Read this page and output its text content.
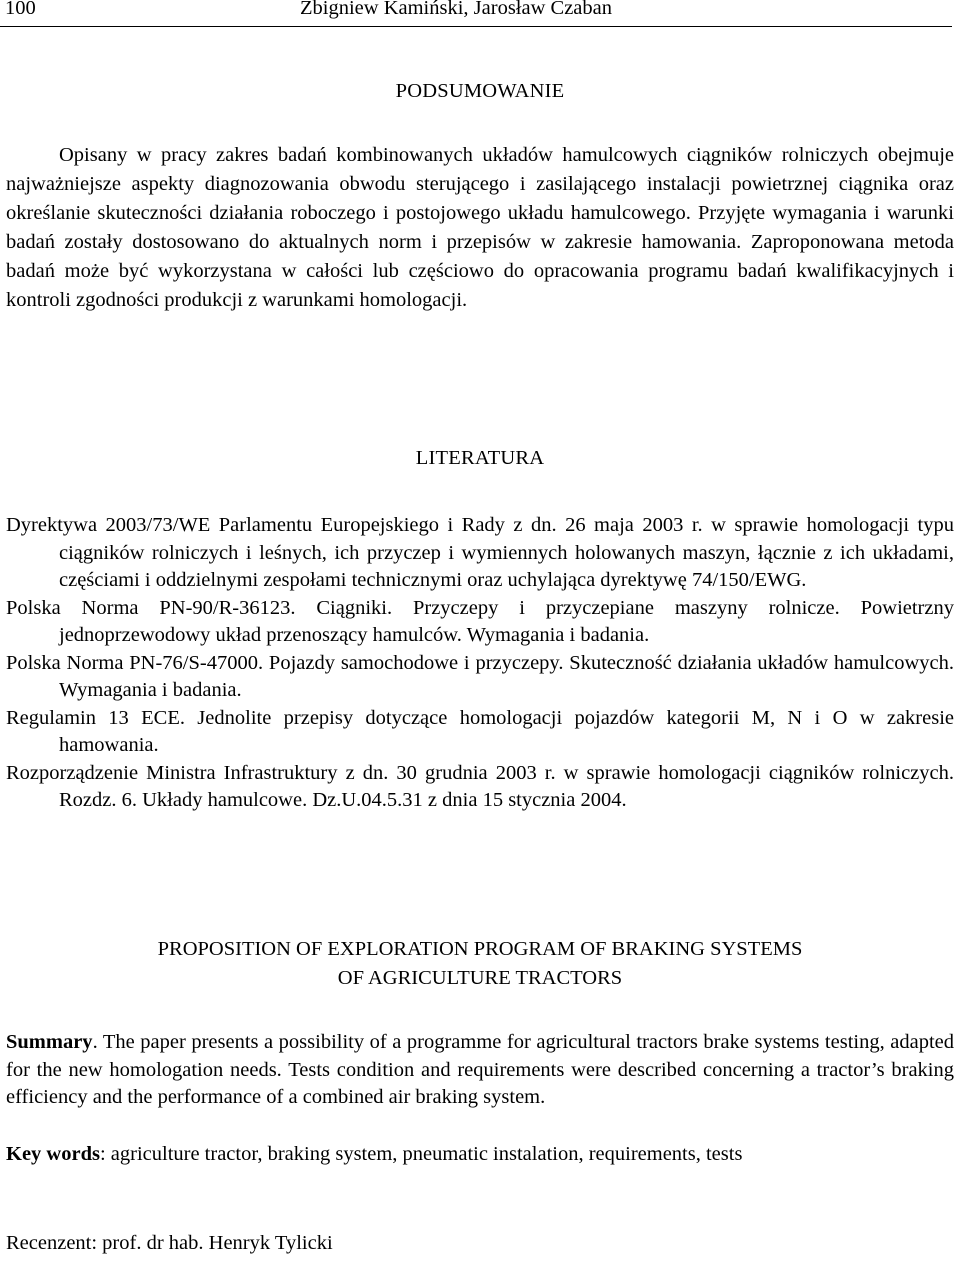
100	Zbigniew Kamiński, Jarosław Czaban
PODSUMOWANIE
Opisany w pracy zakres badań kombinowanych układów hamulcowych ciągników rolniczych obejmuje najważniejsze aspekty diagnozowania obwodu sterującego i zasilającego instalacji powietrznej ciągnika oraz określanie skuteczności działania roboczego i postojowego układu hamulcowego. Przyjęte wymagania i warunki badań zostały dostosowano do aktualnych norm i przepisów w zakresie hamowania. Zaproponowana metoda badań może być wykorzystana w całości lub częściowo do opracowania programu badań kwalifikacyjnych i kontroli zgodności produkcji z warunkami homologacji.
LITERATURA
Dyrektywa 2003/73/WE Parlamentu Europejskiego i Rady z dn. 26 maja 2003 r. w sprawie homologacji typu ciągników rolniczych i leśnych, ich przyczep i wymiennych holowanych maszyn, łącznie z ich układami, częściami i oddzielnymi zespołami technicznymi oraz uchylająca dyrektywę 74/150/EWG.
Polska Norma PN-90/R-36123. Ciągniki. Przyczepy i przyczepiane maszyny rolnicze. Powietrzny jednoprzewodowy układ przenoszący hamulców. Wymagania i badania.
Polska Norma PN-76/S-47000. Pojazdy samochodowe i przyczepy. Skuteczność działania układów hamulcowych. Wymagania i badania.
Regulamin 13 ECE. Jednolite przepisy dotyczące homologacji pojazdów kategorii M, N i O w zakresie hamowania.
Rozporządzenie Ministra Infrastruktury z dn. 30 grudnia 2003 r. w sprawie homologacji ciągników rolniczych. Rozdz. 6. Układy hamulcowe. Dz.U.04.5.31 z dnia 15 stycznia 2004.
PROPOSITION OF EXPLORATION PROGRAM OF BRAKING SYSTEMS
OF AGRICULTURE TRACTORS
Summary. The paper presents a possibility of a programme for agricultural tractors brake systems testing, adapted for the new homologation needs. Tests condition and requirements were described concerning a tractor’s braking efficiency and the performance of a combined air braking system.
Key words: agriculture tractor, braking system, pneumatic instalation, requirements, tests
Recenzent: prof. dr hab. Henryk Tylicki
